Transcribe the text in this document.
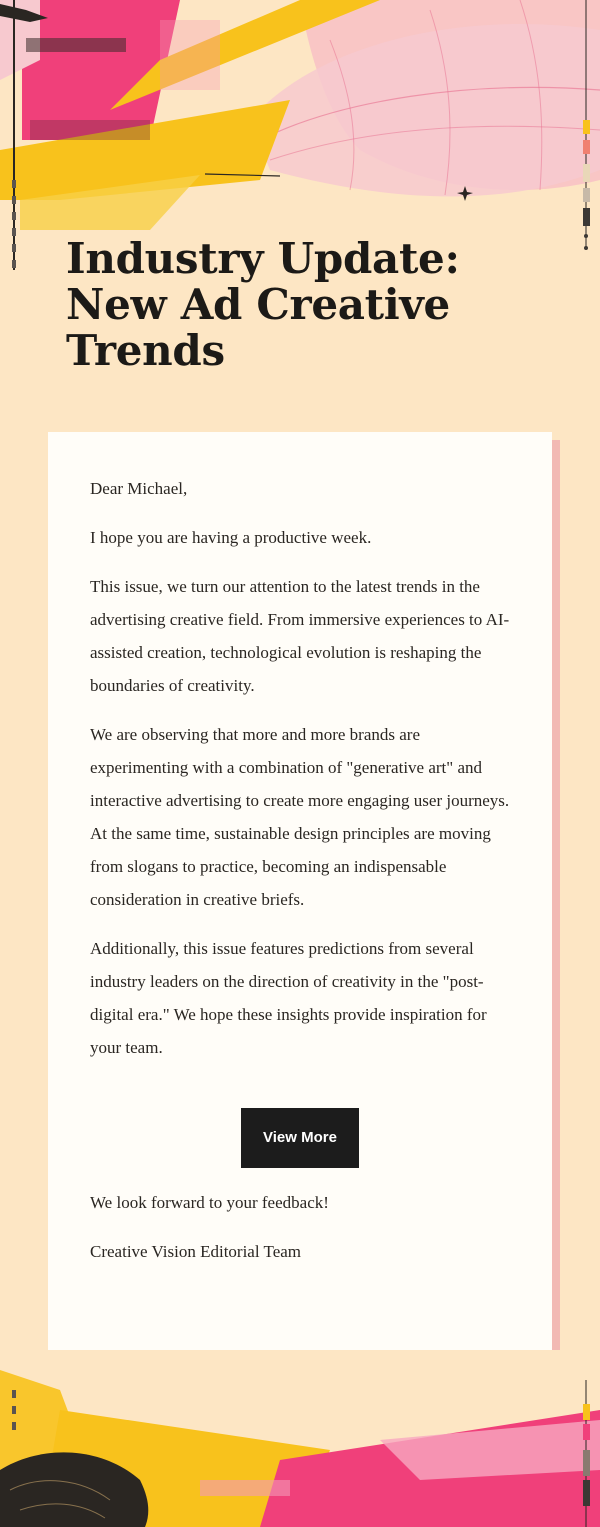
Industry Update: New Ad Creative Trends

Dear Michael,

I hope you are having a productive week.

This issue, we turn our attention to the latest trends in the advertising creative field. From immersive experiences to AI-assisted creation, technological evolution is reshaping the boundaries of creativity.

We are observing that more and more brands are experimenting with a combination of "generative art" and interactive advertising to create more engaging user journeys. At the same time, sustainable design principles are moving from slogans to practice, becoming an indispensable consideration in creative briefs.

Additionally, this issue features predictions from several industry leaders on the direction of creativity in the "post-digital era." We hope these insights provide inspiration for your team.

View More

We look forward to your feedback!

Creative Vision Editorial Team
